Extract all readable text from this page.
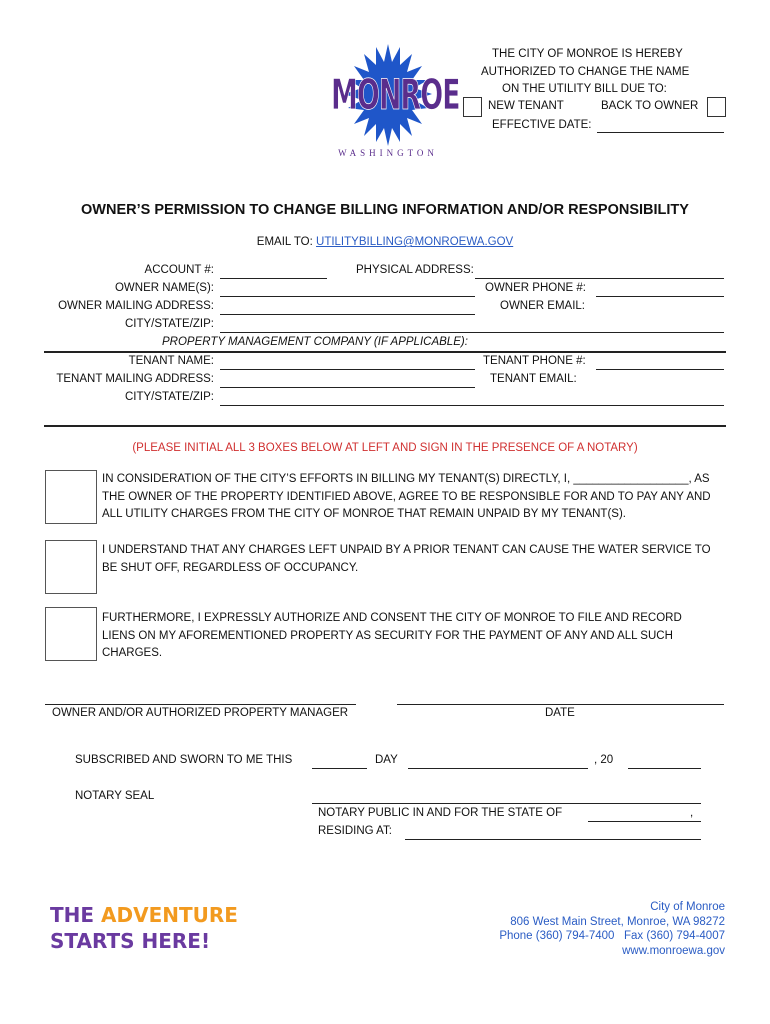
MONROE
WASHINGTON
THE CITY OF MONROE IS HEREBY
AUTHORIZED TO CHANGE THE NAME
ON THE UTILITY BILL DUE TO:
NEW TENANT	BACK TO OWNER
EFFECTIVE DATE:
OWNER’S PERMISSION TO CHANGE BILLING INFORMATION AND/OR RESPONSIBILITY
EMAIL TO: UTILITYBILLING@MONROEWA.GOV
ACCOUNT #:	PHYSICAL ADDRESS:
OWNER NAME(S):	OWNER PHONE #:
OWNER MAILING ADDRESS:	OWNER EMAIL:
CITY/STATE/ZIP:
PROPERTY MANAGEMENT COMPANY (IF APPLICABLE):
TENANT NAME:	TENANT PHONE #:
TENANT MAILING ADDRESS:	TENANT EMAIL:
CITY/STATE/ZIP:
(PLEASE INITIAL ALL 3 BOXES BELOW AT LEFT AND SIGN IN THE PRESENCE OF A NOTARY)
IN CONSIDERATION OF THE CITY’S EFFORTS IN BILLING MY TENANT(S) DIRECTLY, I, __________________, AS THE OWNER OF THE PROPERTY IDENTIFIED ABOVE, AGREE TO BE RESPONSIBLE FOR AND TO PAY ANY AND ALL UTILITY CHARGES FROM THE CITY OF MONROE THAT REMAIN UNPAID BY MY TENANT(S).
I UNDERSTAND THAT ANY CHARGES LEFT UNPAID BY A PRIOR TENANT CAN CAUSE THE WATER SERVICE TO BE SHUT OFF, REGARDLESS OF OCCUPANCY.
FURTHERMORE, I EXPRESSLY AUTHORIZE AND CONSENT THE CITY OF MONROE TO FILE AND RECORD LIENS ON MY AFOREMENTIONED PROPERTY AS SECURITY FOR THE PAYMENT OF ANY AND ALL SUCH CHARGES.
OWNER AND/OR AUTHORIZED PROPERTY MANAGER	DATE
SUBSCRIBED AND SWORN TO ME THIS	DAY	, 20
NOTARY SEAL
NOTARY PUBLIC IN AND FOR THE STATE OF	,
RESIDING AT:
THE ADVENTURE
STARTS HERE!
City of Monroe
806 West Main Street, Monroe, WA 98272
Phone (360) 794-7400   Fax (360) 794-4007
www.monroewa.gov
